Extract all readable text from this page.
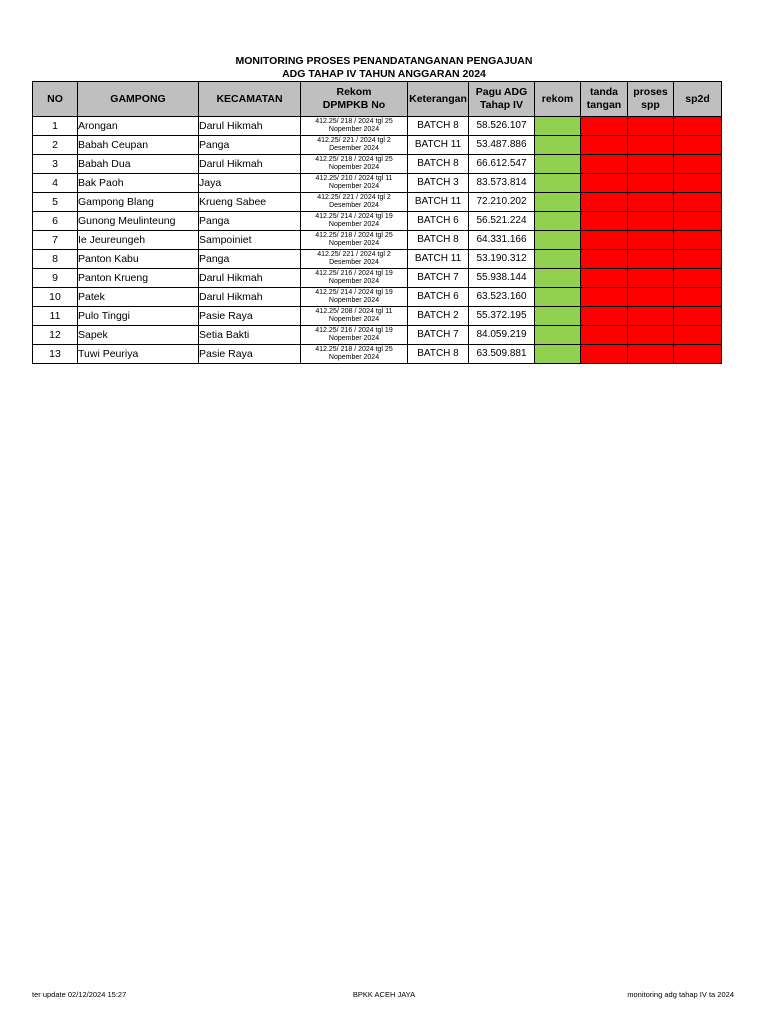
MONITORING PROSES PENANDATANGANAN PENGAJUAN
ADG TAHAP IV TAHUN ANGGARAN 2024
NO	GAMPONG	KECAMATAN	Rekom DPMPKB No	Keterangan	Pagu ADG Tahap IV	rekom	tanda tangan	proses spp	sp2d
1	Arongan	Darul Hikmah	412.25/ 218 / 2024 tgl 25 Nopember 2024	BATCH 8	58.526.107				
2	Babah Ceupan	Panga	412.25/ 221 / 2024 tgl 2 Desember 2024	BATCH 11	53.487.886				
3	Babah Dua	Darul Hikmah	412.25/ 218 / 2024 tgl 25 Nopember 2024	BATCH 8	66.612.547				
4	Bak Paoh	Jaya	412.25/ 210 / 2024 tgl 11 Nopember 2024	BATCH 3	83.573.814				
5	Gampong Blang	Krueng Sabee	412.25/ 221 / 2024 tgl 2 Desember 2024	BATCH 11	72.210.202				
6	Gunong Meulinteung	Panga	412.25/ 214 / 2024 tgl 19 Nopember 2024	BATCH 6	56.521.224				
7	Ie Jeureungeh	Sampoiniet	412.25/ 218 / 2024 tgl 25 Nopember 2024	BATCH 8	64.331.166				
8	Panton Kabu	Panga	412.25/ 221 / 2024 tgl 2 Desember 2024	BATCH 11	53.190.312				
9	Panton Krueng	Darul Hikmah	412.25/ 216 / 2024 tgl 19 Nopember 2024	BATCH 7	55.938.144				
10	Patek	Darul Hikmah	412.25/ 214 / 2024 tgl 19 Nopember 2024	BATCH 6	63.523.160				
11	Pulo Tinggi	Pasie Raya	412.25/ 208 / 2024 tgl 11 Nopember 2024	BATCH 2	55.372.195				
12	Sapek	Setia Bakti	412.25/ 216 / 2024 tgl 19 Nopember 2024	BATCH 7	84.059.219				
13	Tuwi Peuriya	Pasie Raya	412.25/ 218 / 2024 tgl 25 Nopember 2024	BATCH 8	63.509.881				
ter update 02/12/2024 15:27	BPKK ACEH JAYA	monitoring adg tahap IV ta 2024
